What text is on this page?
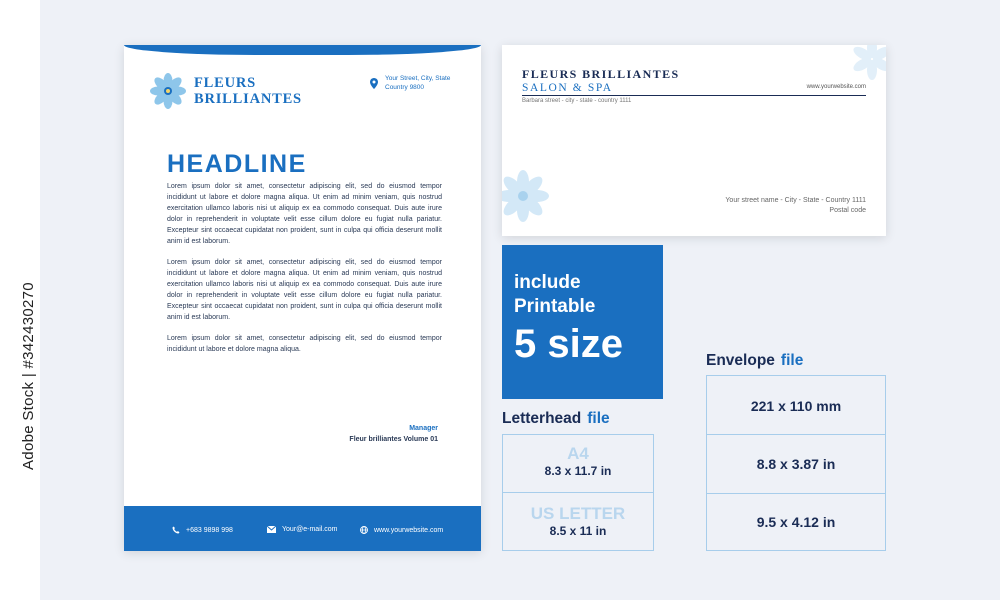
Adobe Stock | #342430270
FLEURS
BRILLIANTES
Your Street, City, State
Country 9800
HEADLINE

Lorem ipsum dolor sit amet, consectetur adipiscing elit, sed do eiusmod tempor incididunt ut labore et dolore magna aliqua. Ut enim ad minim veniam, quis nostrud exercitation ullamco laboris nisi ut aliquip ex ea commodo consequat. Duis aute irure dolor in reprehenderit in voluptate velit esse cillum dolore eu fugiat nulla pariatur. Excepteur sint occaecat cupidatat non proident, sunt in culpa qui officia deserunt mollit anim id est laborum.

Lorem ipsum dolor sit amet, consectetur adipiscing elit, sed do eiusmod tempor incididunt ut labore et dolore magna aliqua. Ut enim ad minim veniam, quis nostrud exercitation ullamco laboris nisi ut aliquip ex ea commodo consequat. Duis aute irure dolor in reprehenderit in voluptate velit esse cillum dolore eu fugiat nulla pariatur. Excepteur sint occaecat cupidatat non proident, sunt in culpa qui officia deserunt mollit anim id est laborum.

Lorem ipsum dolor sit amet, consectetur adipiscing elit, sed do eiusmod tempor incididunt ut labore et dolore magna aliqua.

Manager
Fleur brilliantes Volume 01
+683 9898 998	Your@e-mail.com	www.yourwebsite.com
FLEURS BRILLIANTES
SALON & SPA	www.yourwebsite.com
Barbara street - city - state - country 1111
Your street name - City - State - Country 1111
Postal code
include
Printable
5 size
Letterhead file
A4
8.3 x 11.7 in
US LETTER
8.5 x 11 in
Envelope file
221 x 110 mm
8.8 x 3.87 in
9.5 x 4.12 in
